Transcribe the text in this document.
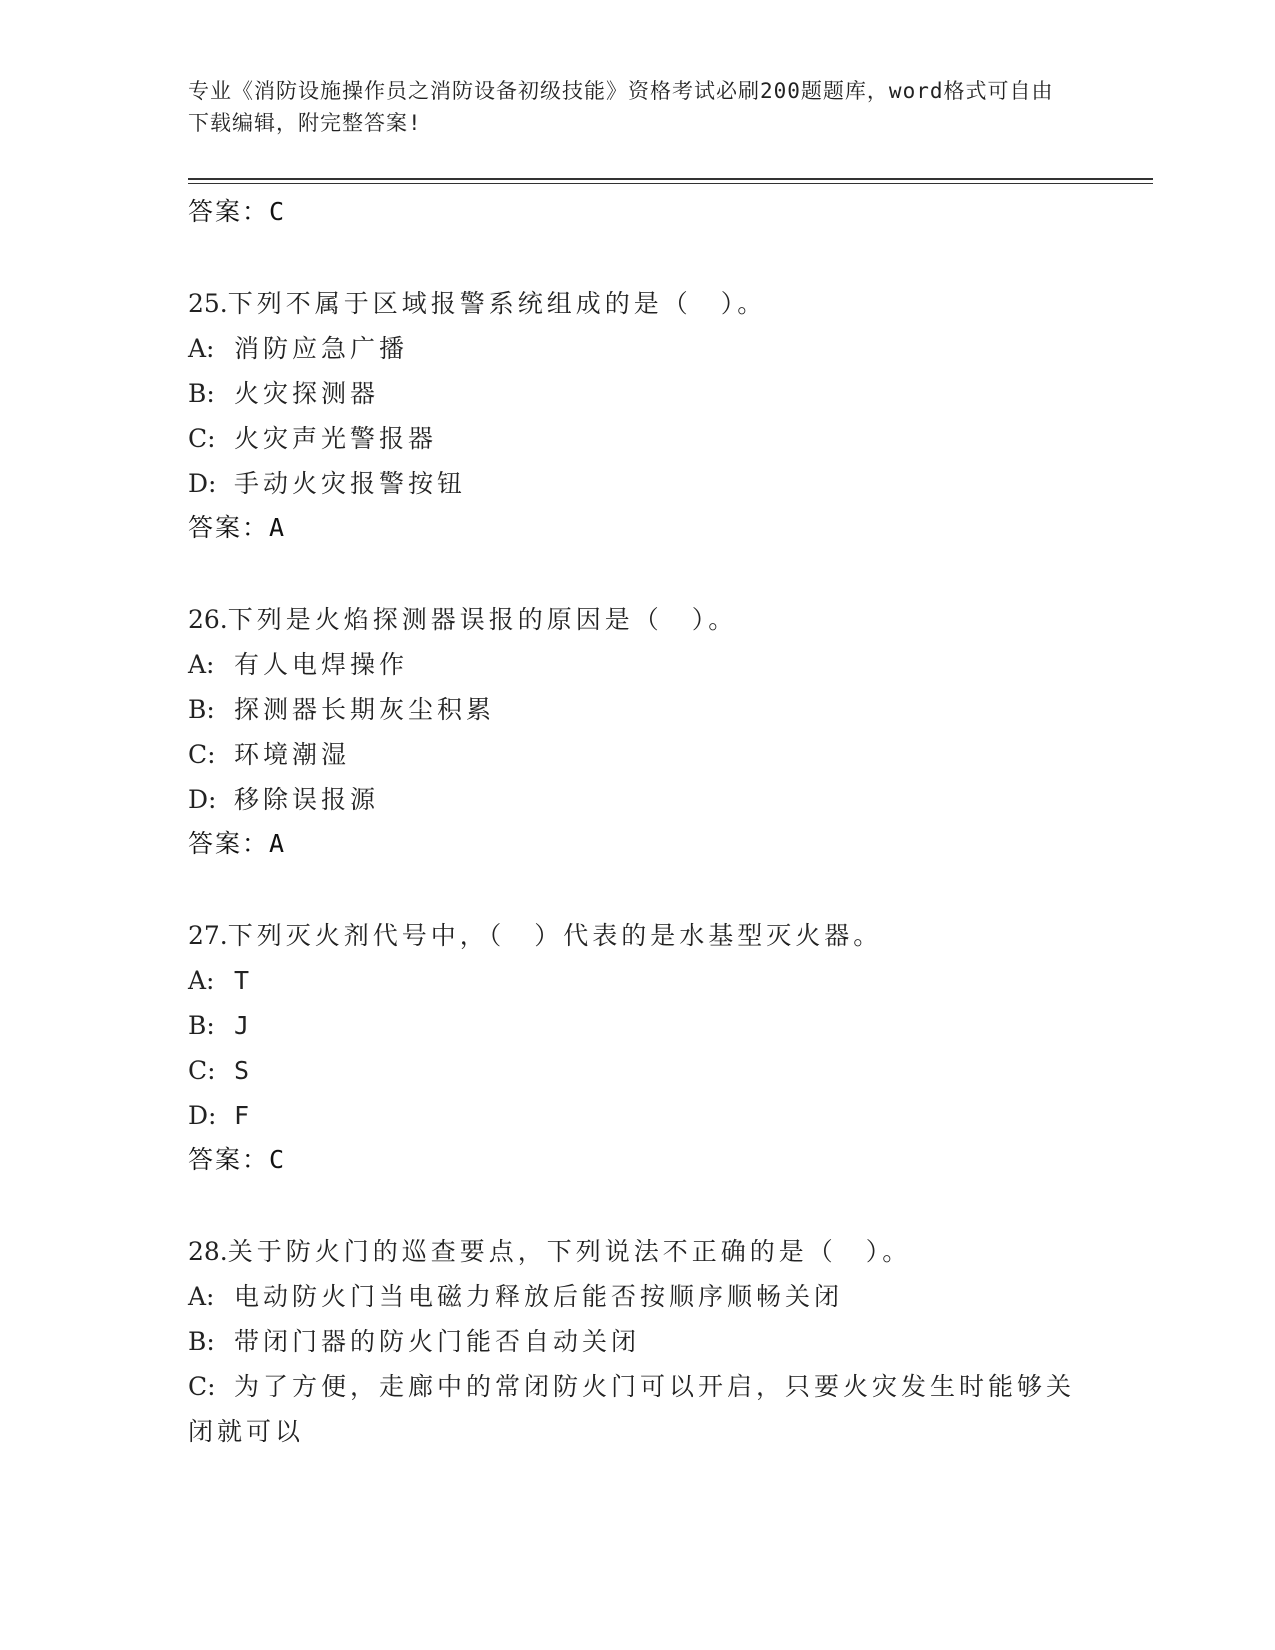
专业《消防设施操作员之消防设备初级技能》资格考试必刷200题题库，word格式可自由下载编辑，附完整答案!
答案：C
25.下列不属于区域报警系统组成的是（　）。
A: 消防应急广播
B: 火灾探测器
C: 火灾声光警报器
D: 手动火灾报警按钮
答案：A
26.下列是火焰探测器误报的原因是（　）。
A: 有人电焊操作
B: 探测器长期灰尘积累
C: 环境潮湿
D: 移除误报源
答案：A
27.下列灭火剂代号中，（　）代表的是水基型灭火器。
A: T
B: J
C: S
D: F
答案：C
28.关于防火门的巡查要点，下列说法不正确的是（　）。
A: 电动防火门当电磁力释放后能否按顺序顺畅关闭
B: 带闭门器的防火门能否自动关闭
C: 为了方便，走廊中的常闭防火门可以开启，只要火灾发生时能够关闭就可以
